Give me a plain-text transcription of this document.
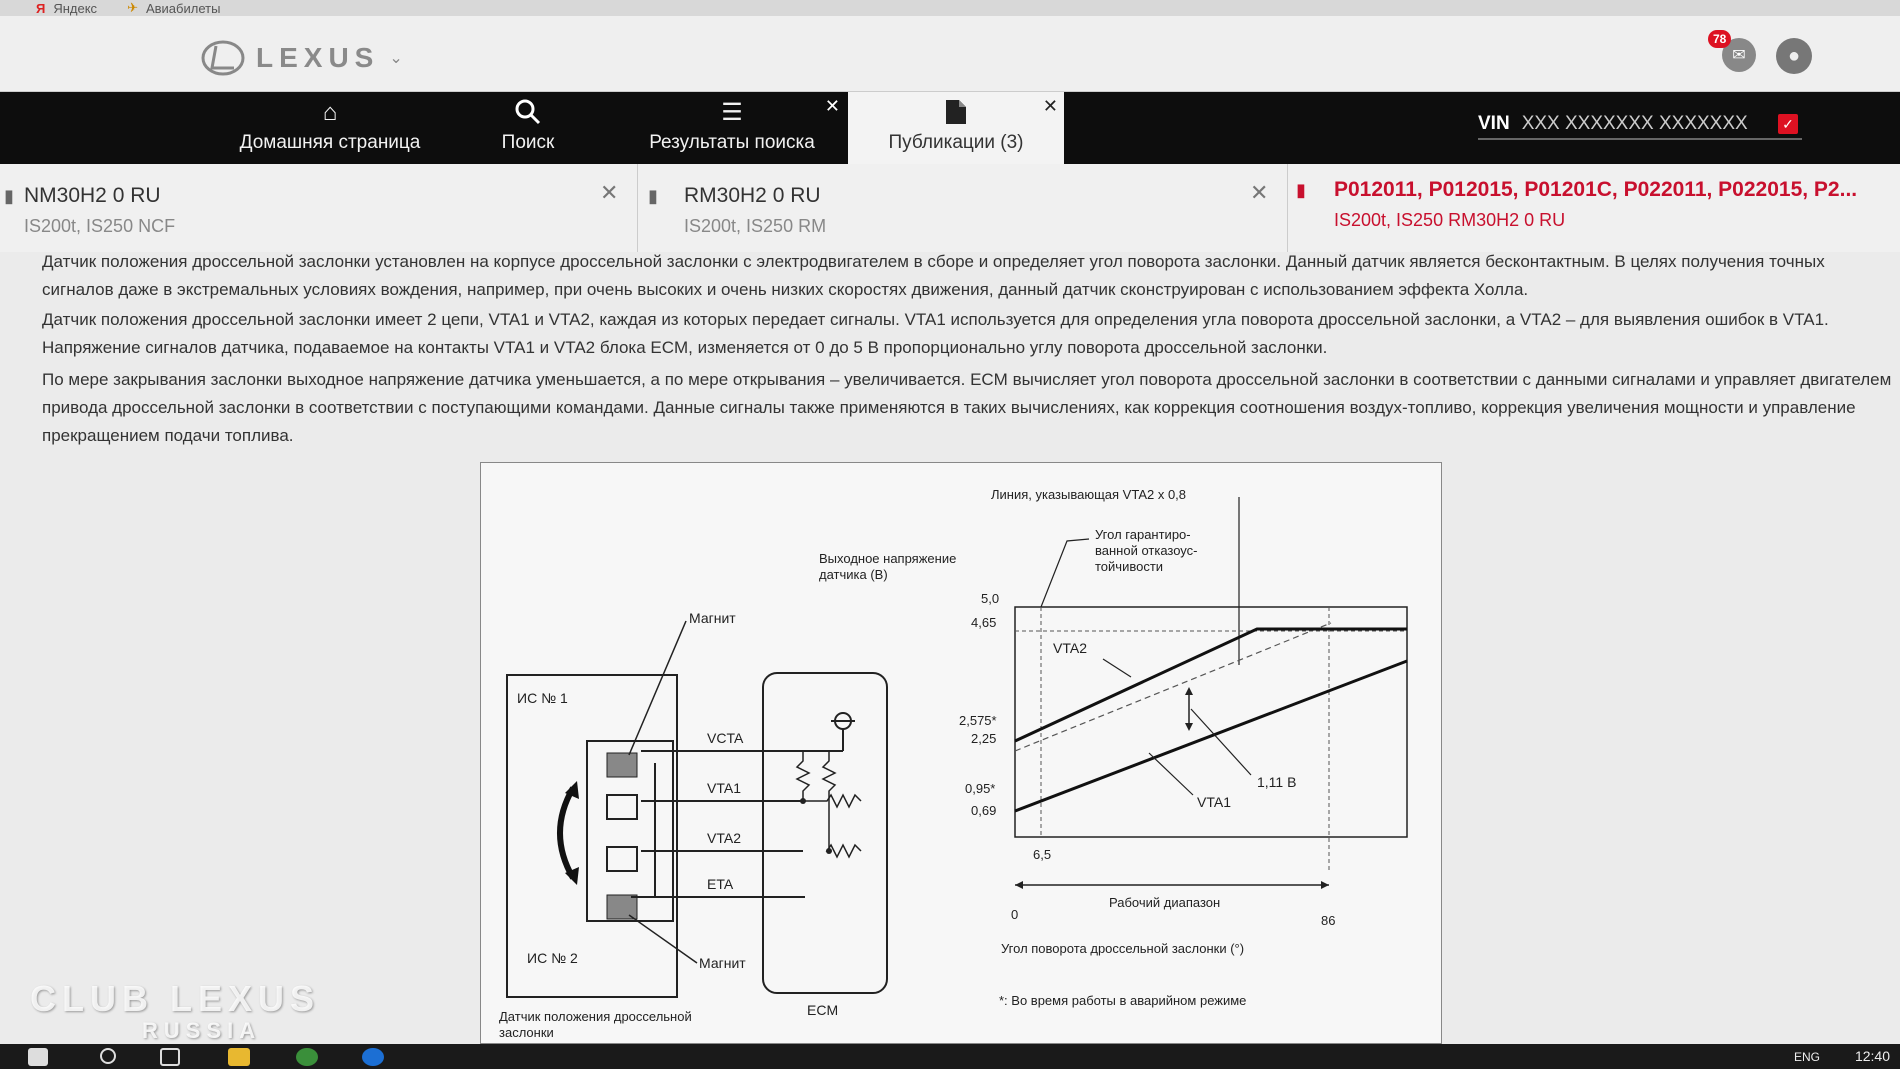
Я Яндекс ✈ Авиабилеты
LEXUS ⌄
78
✉ ●
⌂
Домашняя страница	Поиск
☰
Результаты поиска
✕
Публикации (3)
✕
VIN XXX XXXXXXX XXXXXXX ✓
▮ NM30H2 0 RU
IS200t, IS250 NCF
✕ ▮ RM30H2 0 RU
IS200t, IS250 RM
✕ ▮ P012011, P012015, P01201C, P022011, P022015, P2...
IS200t, IS250 RM30H2 0 RU

Датчик положения дроссельной заслонки установлен на корпусе дроссельной заслонки с электродвигателем в сборе и определяет угол поворота заслонки. Данный датчик является бесконтактным. В целях получения точных сигналов даже в экстремальных условиях вождения, например, при очень высоких и очень низких скоростях движения, данный датчик сконструирован с использованием эффекта Холла.

Датчик положения дроссельной заслонки имеет 2 цепи, VTA1 и VTA2, каждая из которых передает сигналы. VTA1 используется для определения угла поворота дроссельной заслонки, а VTA2 – для выявления ошибок в VTA1. Напряжение сигналов датчика, подаваемое на контакты VTA1 и VTA2 блока ECM, изменяется от 0 до 5 В пропорционально углу поворота дроссельной заслонки.

По мере закрывания заслонки выходное напряжение датчика уменьшается, а по мере открывания – увеличивается. ECM вычисляет угол поворота дроссельной заслонки в соответствии с данными сигналами и управляет двигателем привода дроссельной заслонки в соответствии с поступающими командами. Данные сигналы также применяются в таких вычислениях, как коррекция соотношения воздух-топливо, коррекция увеличения мощности и управление прекращением подачи топлива.

ИС № 1
ИС № 2
Магнит
Магнит
ECM
VCTA
VTA1
VTA2
ETA
Датчик положения дроссельной
заслонки
Выходное напряжение
датчика (В)
Линия, указывающая VTA2 x 0,8
Угол гарантиро-
ванной отказоус-
тойчивости
5,0
4,65
2,575*
2,25
0,95*
0,69
VTA2
VTA1
1,11 В
6,5
0	86
Рабочий диапазон
Угол поворота дроссельной заслонки (°)
*: Во время работы в аварийном режиме
CLUB LEXUS
RUSSIA
ENG 12:40
